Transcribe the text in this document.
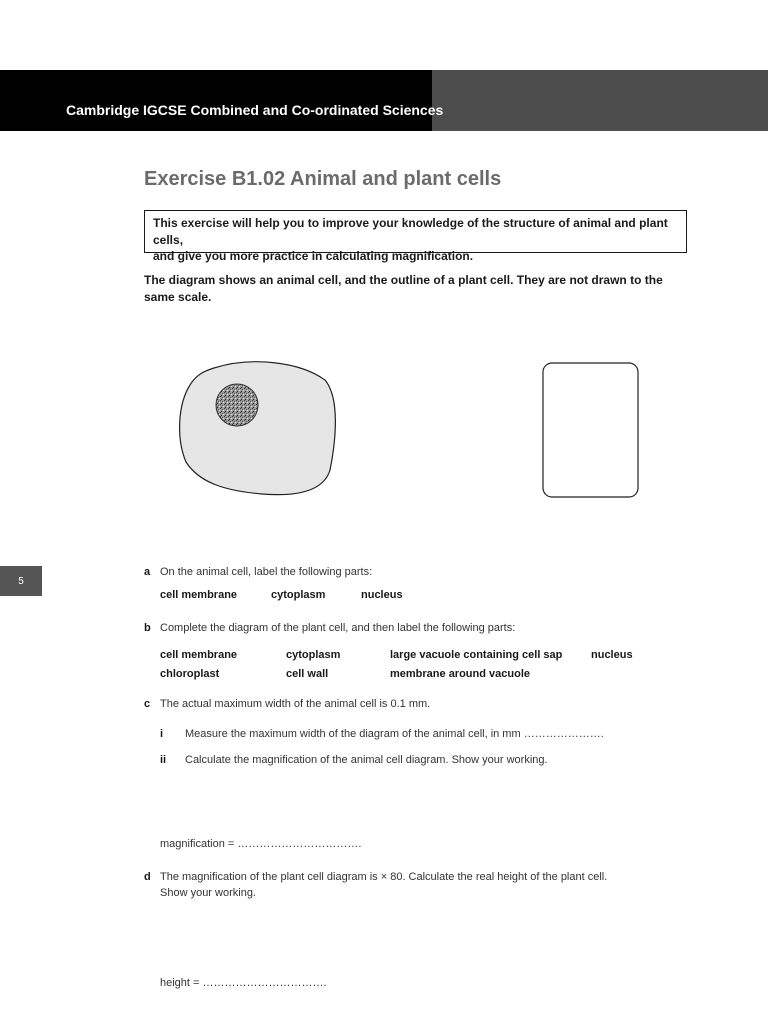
Cambridge IGCSE Combined and Co-ordinated Sciences
5
Exercise B1.02 Animal and plant cells
This exercise will help you to improve your knowledge of the structure of animal and plant cells,
and give you more practice in calculating magnification.
The diagram shows an animal cell, and the outline of a plant cell. They are not drawn to the
same scale.
a On the animal cell, label the following parts:
cell membrane	cytoplasm	nucleus
b Complete the diagram of the plant cell, and then label the following parts:
cell membrane	cytoplasm	large vacuole containing cell sap	nucleus
chloroplast	cell wall	membrane around vacuole
c The actual maximum width of the animal cell is 0.1 mm.
i Measure the maximum width of the diagram of the animal cell, in mm ………………….
ii Calculate the magnification of the animal cell diagram. Show your working.
magnification = …………………………….
d The magnification of the plant cell diagram is × 80. Calculate the real height of the plant cell.
Show your working.
height = …………………………….
